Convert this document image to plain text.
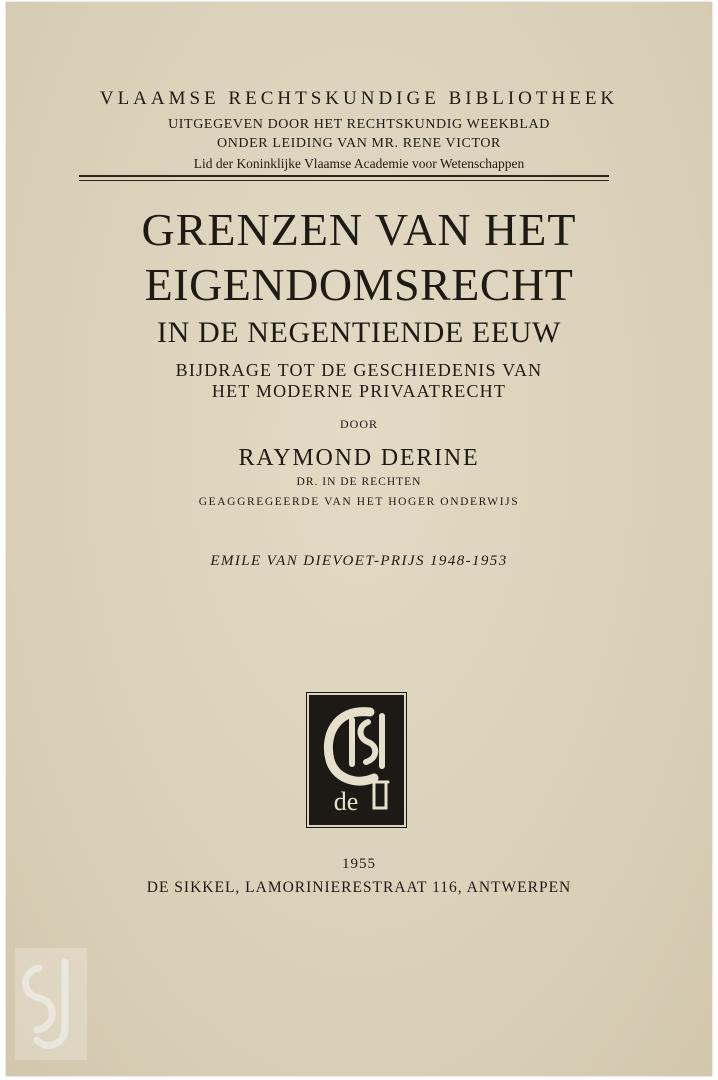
VLAAMSE RECHTSKUNDIGE BIBLIOTHEEK
UITGEGEVEN DOOR HET RECHTSKUNDIG WEEKBLAD
ONDER LEIDING VAN MR. RENE VICTOR
Lid der Koninklijke Vlaamse Academie voor Wetenschappen
GRENZEN VAN HET
EIGENDOMSRECHT
IN DE NEGENTIENDE EEUW
BIJDRAGE TOT DE GESCHIEDENIS VAN
HET MODERNE PRIVAATRECHT
DOOR
RAYMOND DERINE
DR. IN DE RECHTEN
GEAGGREGEERDE VAN HET HOGER ONDERWIJS
EMILE VAN DIEVOET-PRIJS 1948-1953
de
1955
DE SIKKEL, LAMORINIERESTRAAT 116, ANTWERPEN
